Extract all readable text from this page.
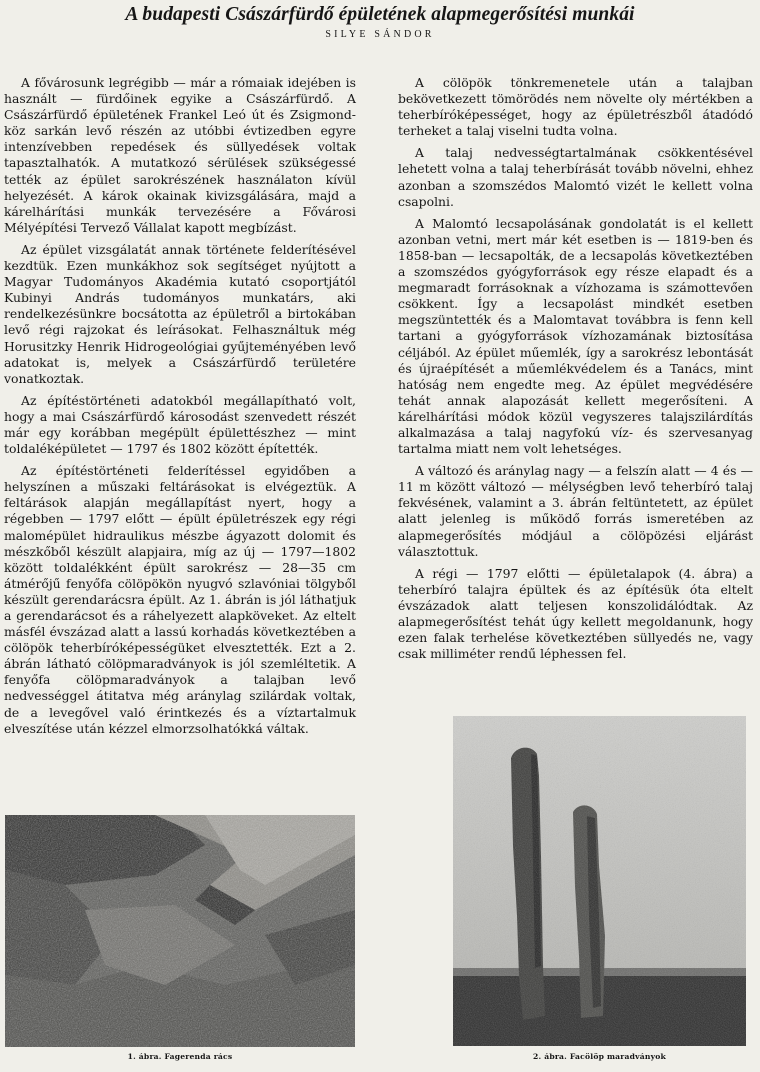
A budapesti Császárfürdő épületének alapmegerősítési munkái
SILYE SÁNDOR

A fővárosunk legrégibb — már a rómaiak idejében is használt — fürdőinek egyike a Császárfürdő. A Császárfürdő épületének Frankel Leó út és Zsigmond-köz sarkán levő részén az utóbbi évtizedben egyre intenzívebben repedések és süllyedések voltak tapasztalhatók. A mutatkozó sérülések szükségessé tették az épület sarokrészének használaton kívül helyezését. A károk okainak kivizsgálására, majd a kárelhárítási munkák tervezésére a Fővárosi Mélyépítési Tervező Vállalat kapott megbízást.

Az épület vizsgálatát annak története felderítésével kezdtük. Ezen munkákhoz sok segítséget nyújtott a Magyar Tudományos Akadémia kutató csoportjától Kubinyi András tudományos munkatárs, aki rendelkezésünkre bocsátotta az épületről a birtokában levő régi rajzokat és leírásokat. Felhasználtuk még Horusitzky Henrik Hidrogeológiai gyűjteményében levő adatokat is, melyek a Császárfürdő területére vonatkoztak.

Az építéstörténeti adatokból megállapítható volt, hogy a mai Császárfürdő károsodást szenvedett részét már egy korábban megépült épülettészhez — mint toldaléképületet — 1797 és 1802 között építették.

Az építéstörténeti felderítéssel egyidőben a helyszínen a műszaki feltárásokat is elvégeztük. A feltárások alapján megállapítást nyert, hogy a régebben — 1797 előtt — épült épületrészek egy régi malomépület hidraulikus mészbe ágyazott dolomit és mészkőből készült alapjaira, míg az új — 1797—1802 között toldalékként épült sarokrész — 28—35 cm átmérőjű fenyőfa cölöpökön nyugvó szlavóniai tölgyből készült gerendarácsra épült. Az 1. ábrán is jól láthatjuk a gerendarácsot és a ráhelyezett alapköveket. Az eltelt másfél évszázad alatt a lassú korhadás következtében a cölöpök teherbíróképességüket elvesztették. Ezt a 2. ábrán látható cölöpmaradványok is jól szemléltetik. A fenyőfa cölöpmaradványok a talajban levő nedvességgel átitatva még aránylag szilárdak voltak, de a levegővel való érintkezés és a víztartalmuk elveszítése után kézzel elmorzsolhatókká váltak.

A cölöpök tönkremenetele után a talajban bekövetkezett tömörödés nem növelte oly mértékben a teherbíróképességet, hogy az épületrészből átadódó terheket a talaj viselni tudta volna.

A talaj nedvességtartalmának csökkentésével lehetett volna a talaj teherbírását tovább növelni, ehhez azonban a szomszédos Malomtó vizét le kellett volna csapolni.

A Malomtó lecsapolásának gondolatát is el kellett azonban vetni, mert már két esetben is — 1819-ben és 1858-ban — lecsapolták, de a lecsapolás következtében a szomszédos gyógyforrások egy része elapadt és a megmaradt forrásoknak a vízhozama is számottevően csökkent. Így a lecsapolást mindkét esetben megszüntették és a Malomtavat továbbra is fenn kell tartani a gyógyforrások vízhozamának biztosítása céljából. Az épület műemlék, így a sarokrész lebontását és újraépítését a műemlékvédelem és a Tanács, mint hatóság nem engedte meg. Az épület megvédésére tehát annak alapozását kellett megerősíteni. A kárelhárítási módok közül vegyszeres talajszilárdítás alkalmazása a talaj nagyfokú víz- és szervesanyag tartalma miatt nem volt lehetséges.

A változó és aránylag nagy — a felszín alatt — 4 és — 11 m között változó — mélységben levő teherbíró talaj fekvésének, valamint a 3. ábrán feltüntetett, az épület alatt jelenleg is működő forrás ismeretében az alapmegerősítés módjául a cölöpözési eljárást választottuk.

A régi — 1797 előtti — épületalapok (4. ábra) a teherbíró talajra épültek és az építésük óta eltelt évszázadok alatt teljesen konszolidálódtak. Az alapmegerősítést tehát úgy kellett megoldanunk, hogy ezen falak terhelése következtében süllyedés ne, vagy csak milliméter rendű léphessen fel.

1. ábra. Fagerenda rács	2. ábra. Facölöp maradványok
